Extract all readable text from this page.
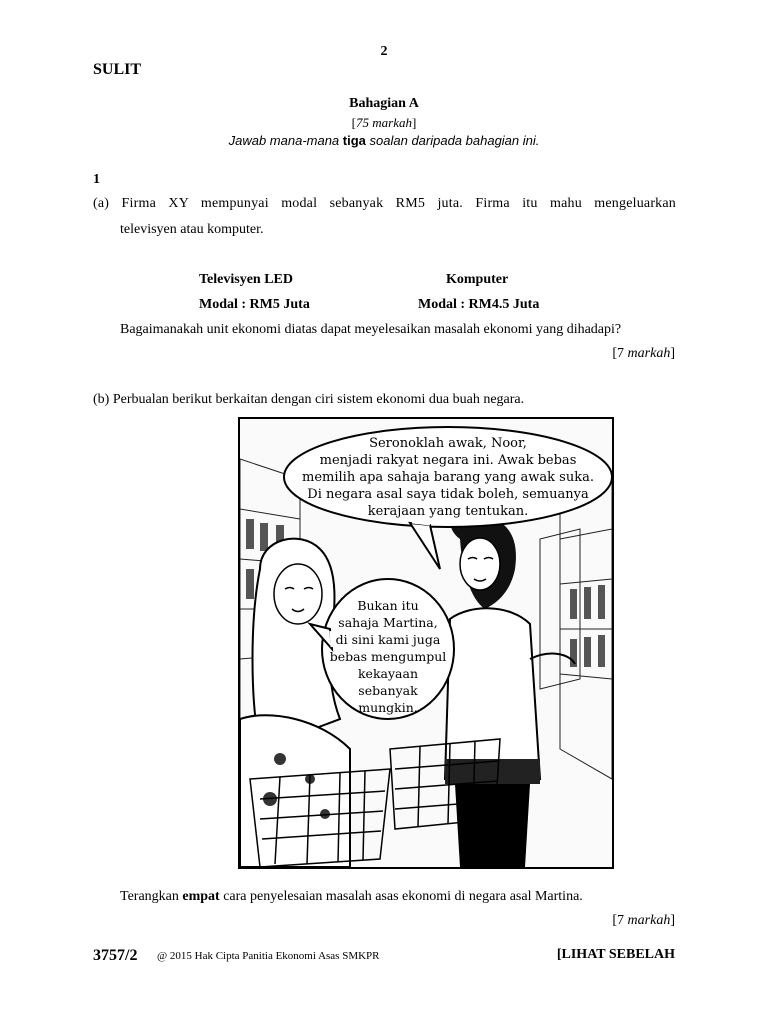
2
SULIT
Bahagian A
[75 markah]
Jawab mana-mana tiga soalan daripada bahagian ini.
1
(a) Firma XY mempunyai modal sebanyak RM5 juta. Firma itu mahu mengeluarkan
televisyen atau komputer.
Televisyen LED
Modal : RM5 Juta
Komputer
Modal : RM4.5 Juta
Bagaimanakah unit ekonomi diatas dapat meyelesaikan masalah ekonomi yang dihadapi?
[7 markah]
(b) Perbualan berikut berkaitan dengan ciri sistem ekonomi dua buah negara.
Seronoklah awak, Noor,
menjadi rakyat negara ini. Awak bebas
memilih apa sahaja barang yang awak suka.
Di negara asal saya tidak boleh, semuanya
kerajaan yang tentukan.
Bukan itu
sahaja Martina,
di sini kami juga
bebas mengumpul
kekayaan
sebanyak
mungkin.
Terangkan empat cara penyelesaian masalah asas ekonomi di negara asal Martina.
[7 markah]
3757/2 @ 2015 Hak Cipta Panitia Ekonomi Asas SMKPR	[LIHAT SEBELAH
